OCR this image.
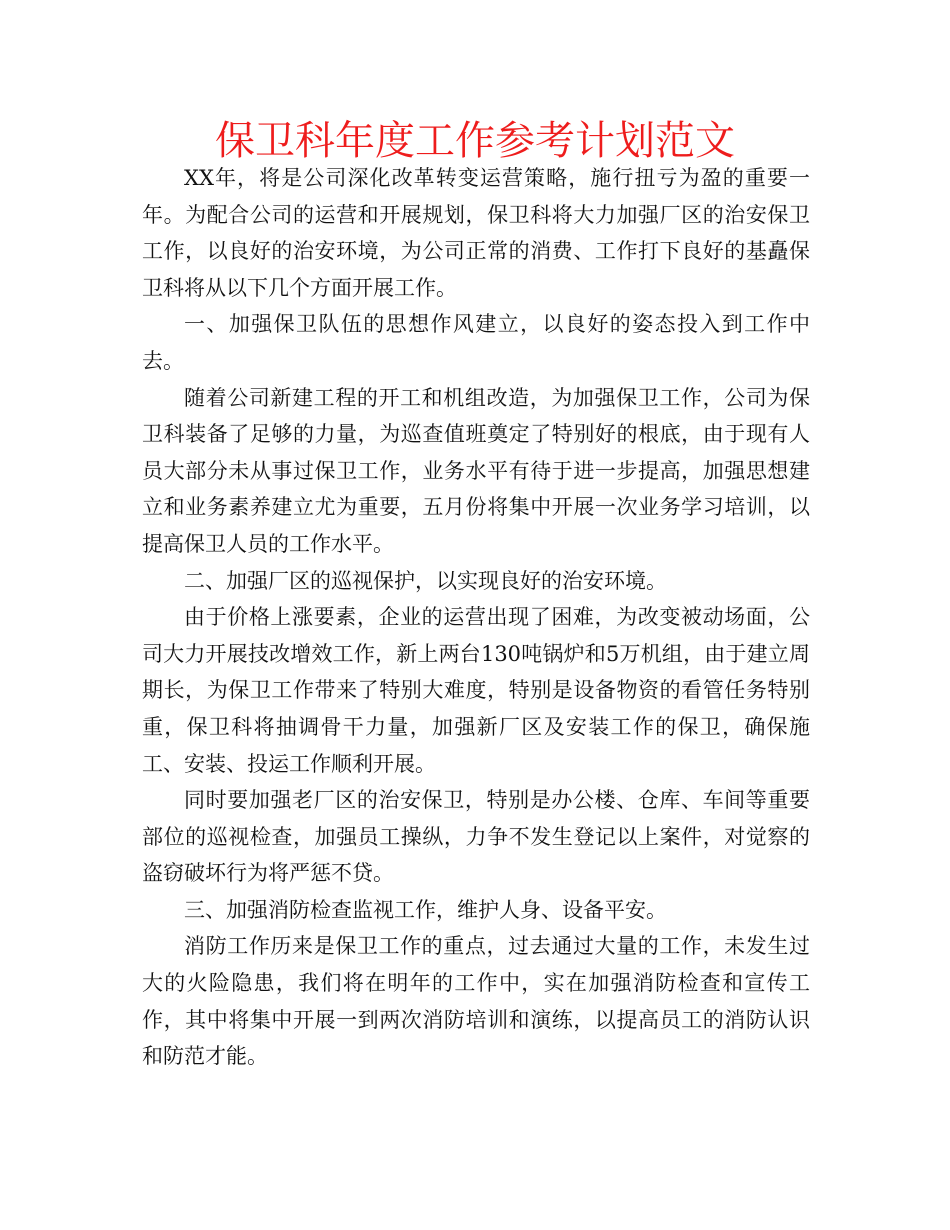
保卫科年度工作参考计划范文

XX年，将是公司深化改革转变运营策略，施行扭亏为盈的重要一年。为配合公司的运营和开展规划，保卫科将大力加强厂区的治安保卫工作，以良好的治安环境，为公司正常的消费、工作打下良好的基矗保卫科将从以下几个方面开展工作。

一、加强保卫队伍的思想作风建立，以良好的姿态投入到工作中去。

随着公司新建工程的开工和机组改造，为加强保卫工作，公司为保卫科装备了足够的力量，为巡查值班奠定了特别好的根底，由于现有人员大部分未从事过保卫工作，业务水平有待于进一步提高，加强思想建立和业务素养建立尤为重要，五月份将集中开展一次业务学习培训，以提高保卫人员的工作水平。

二、加强厂区的巡视保护，以实现良好的治安环境。

由于价格上涨要素，企业的运营出现了困难，为改变被动场面，公司大力开展技改增效工作，新上两台130吨锅炉和5万机组，由于建立周期长，为保卫工作带来了特别大难度，特别是设备物资的看管任务特别重，保卫科将抽调骨干力量，加强新厂区及安装工作的保卫，确保施工、安装、投运工作顺利开展。

同时要加强老厂区的治安保卫，特别是办公楼、仓库、车间等重要部位的巡视检查，加强员工操纵，力争不发生登记以上案件，对觉察的盗窃破坏行为将严惩不贷。

三、加强消防检查监视工作，维护人身、设备平安。

消防工作历来是保卫工作的重点，过去通过大量的工作，未发生过大的火险隐患，我们将在明年的工作中，实在加强消防检查和宣传工作，其中将集中开展一到两次消防培训和演练，以提高员工的消防认识和防范才能。
